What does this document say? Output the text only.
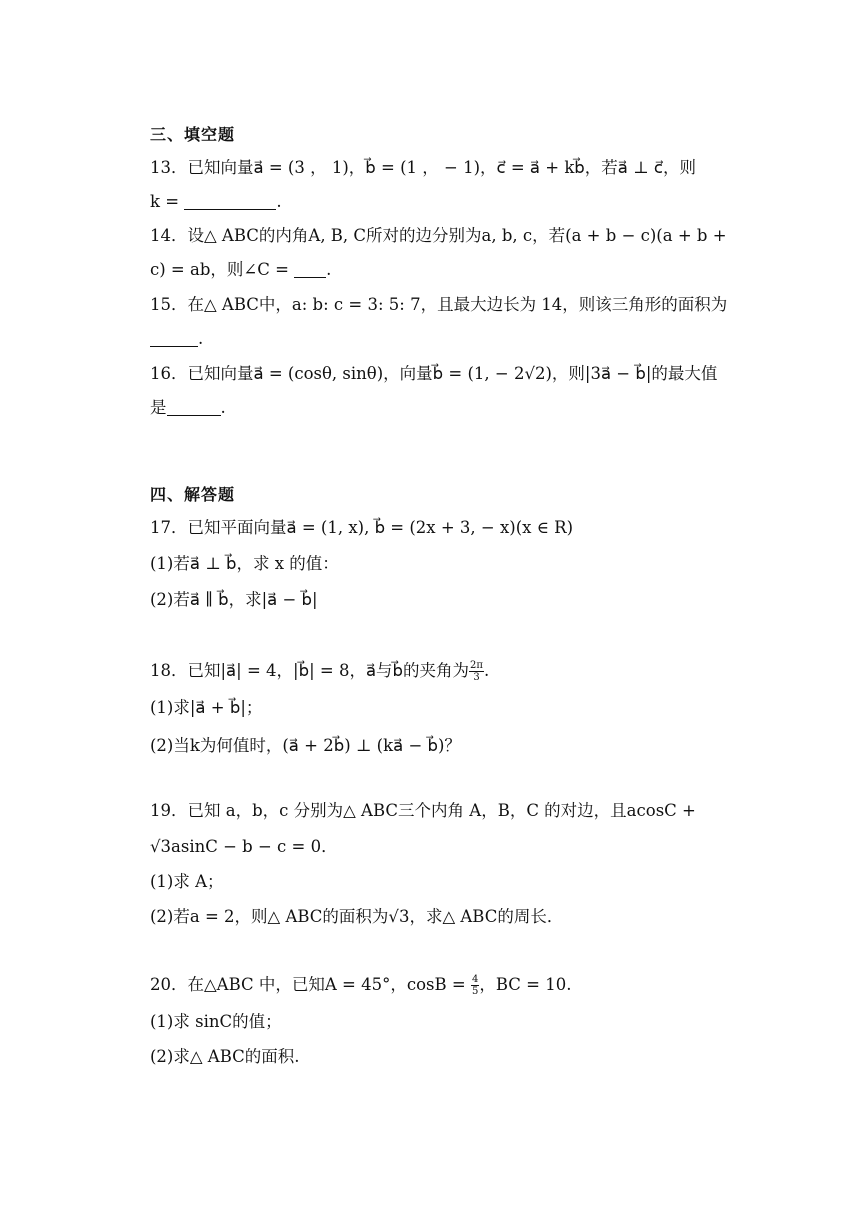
三、填空题
13．已知向量a⃗ = (3 ， 1)，b⃗ = (1 ， − 1)，c⃗ = a⃗ + kb⃗，若a⃗ ⊥ c⃗，则
k =	.
14．设△ ABC的内角A, B, C所对的边分别为a, b, c，若(a + b − c)(a + b +
c) = ab，则∠C = .
15．在△ ABC中，a: b: c = 3: 5: 7，且最大边长为 14，则该三角形的面积为
.
16．已知向量a⃗ = (cosθ, sinθ)，向量b⃗ = (1, − 2√2)，则|3a⃗ − b⃗|的最大值
是	.
四、解答题
17．已知平面向量a⃗ = (1, x), b⃗ = (2x + 3, − x)(x ∈ R)
(1)若a⃗ ⊥ b⃗，求 x 的值：
(2)若a⃗ ∥ b⃗，求|a⃗ − b⃗|
18．已知|a⃗| = 4，|b⃗| = 8，a⃗与b⃗的夹角为 $\frac{2\pi}{3}$ .
(1)求|a⃗ + b⃗|；
(2)当k为何值时，(a⃗ + 2b⃗) ⊥ (ka⃗ − b⃗)？
19．已知 a，b，c 分别为△ ABC三个内角 A，B，C 的对边，且acosC +
√3asinC − b − c = 0．
(1)求 A；
(2)若a = 2，则△ ABC的面积为√3，求△ ABC的周长．
20．在△ABC 中，已知A = 45°，$\cos B = \frac{4}{5}$ ，BC = 10.
(1)求 sinC的值；
(2)求△ ABC的面积.
